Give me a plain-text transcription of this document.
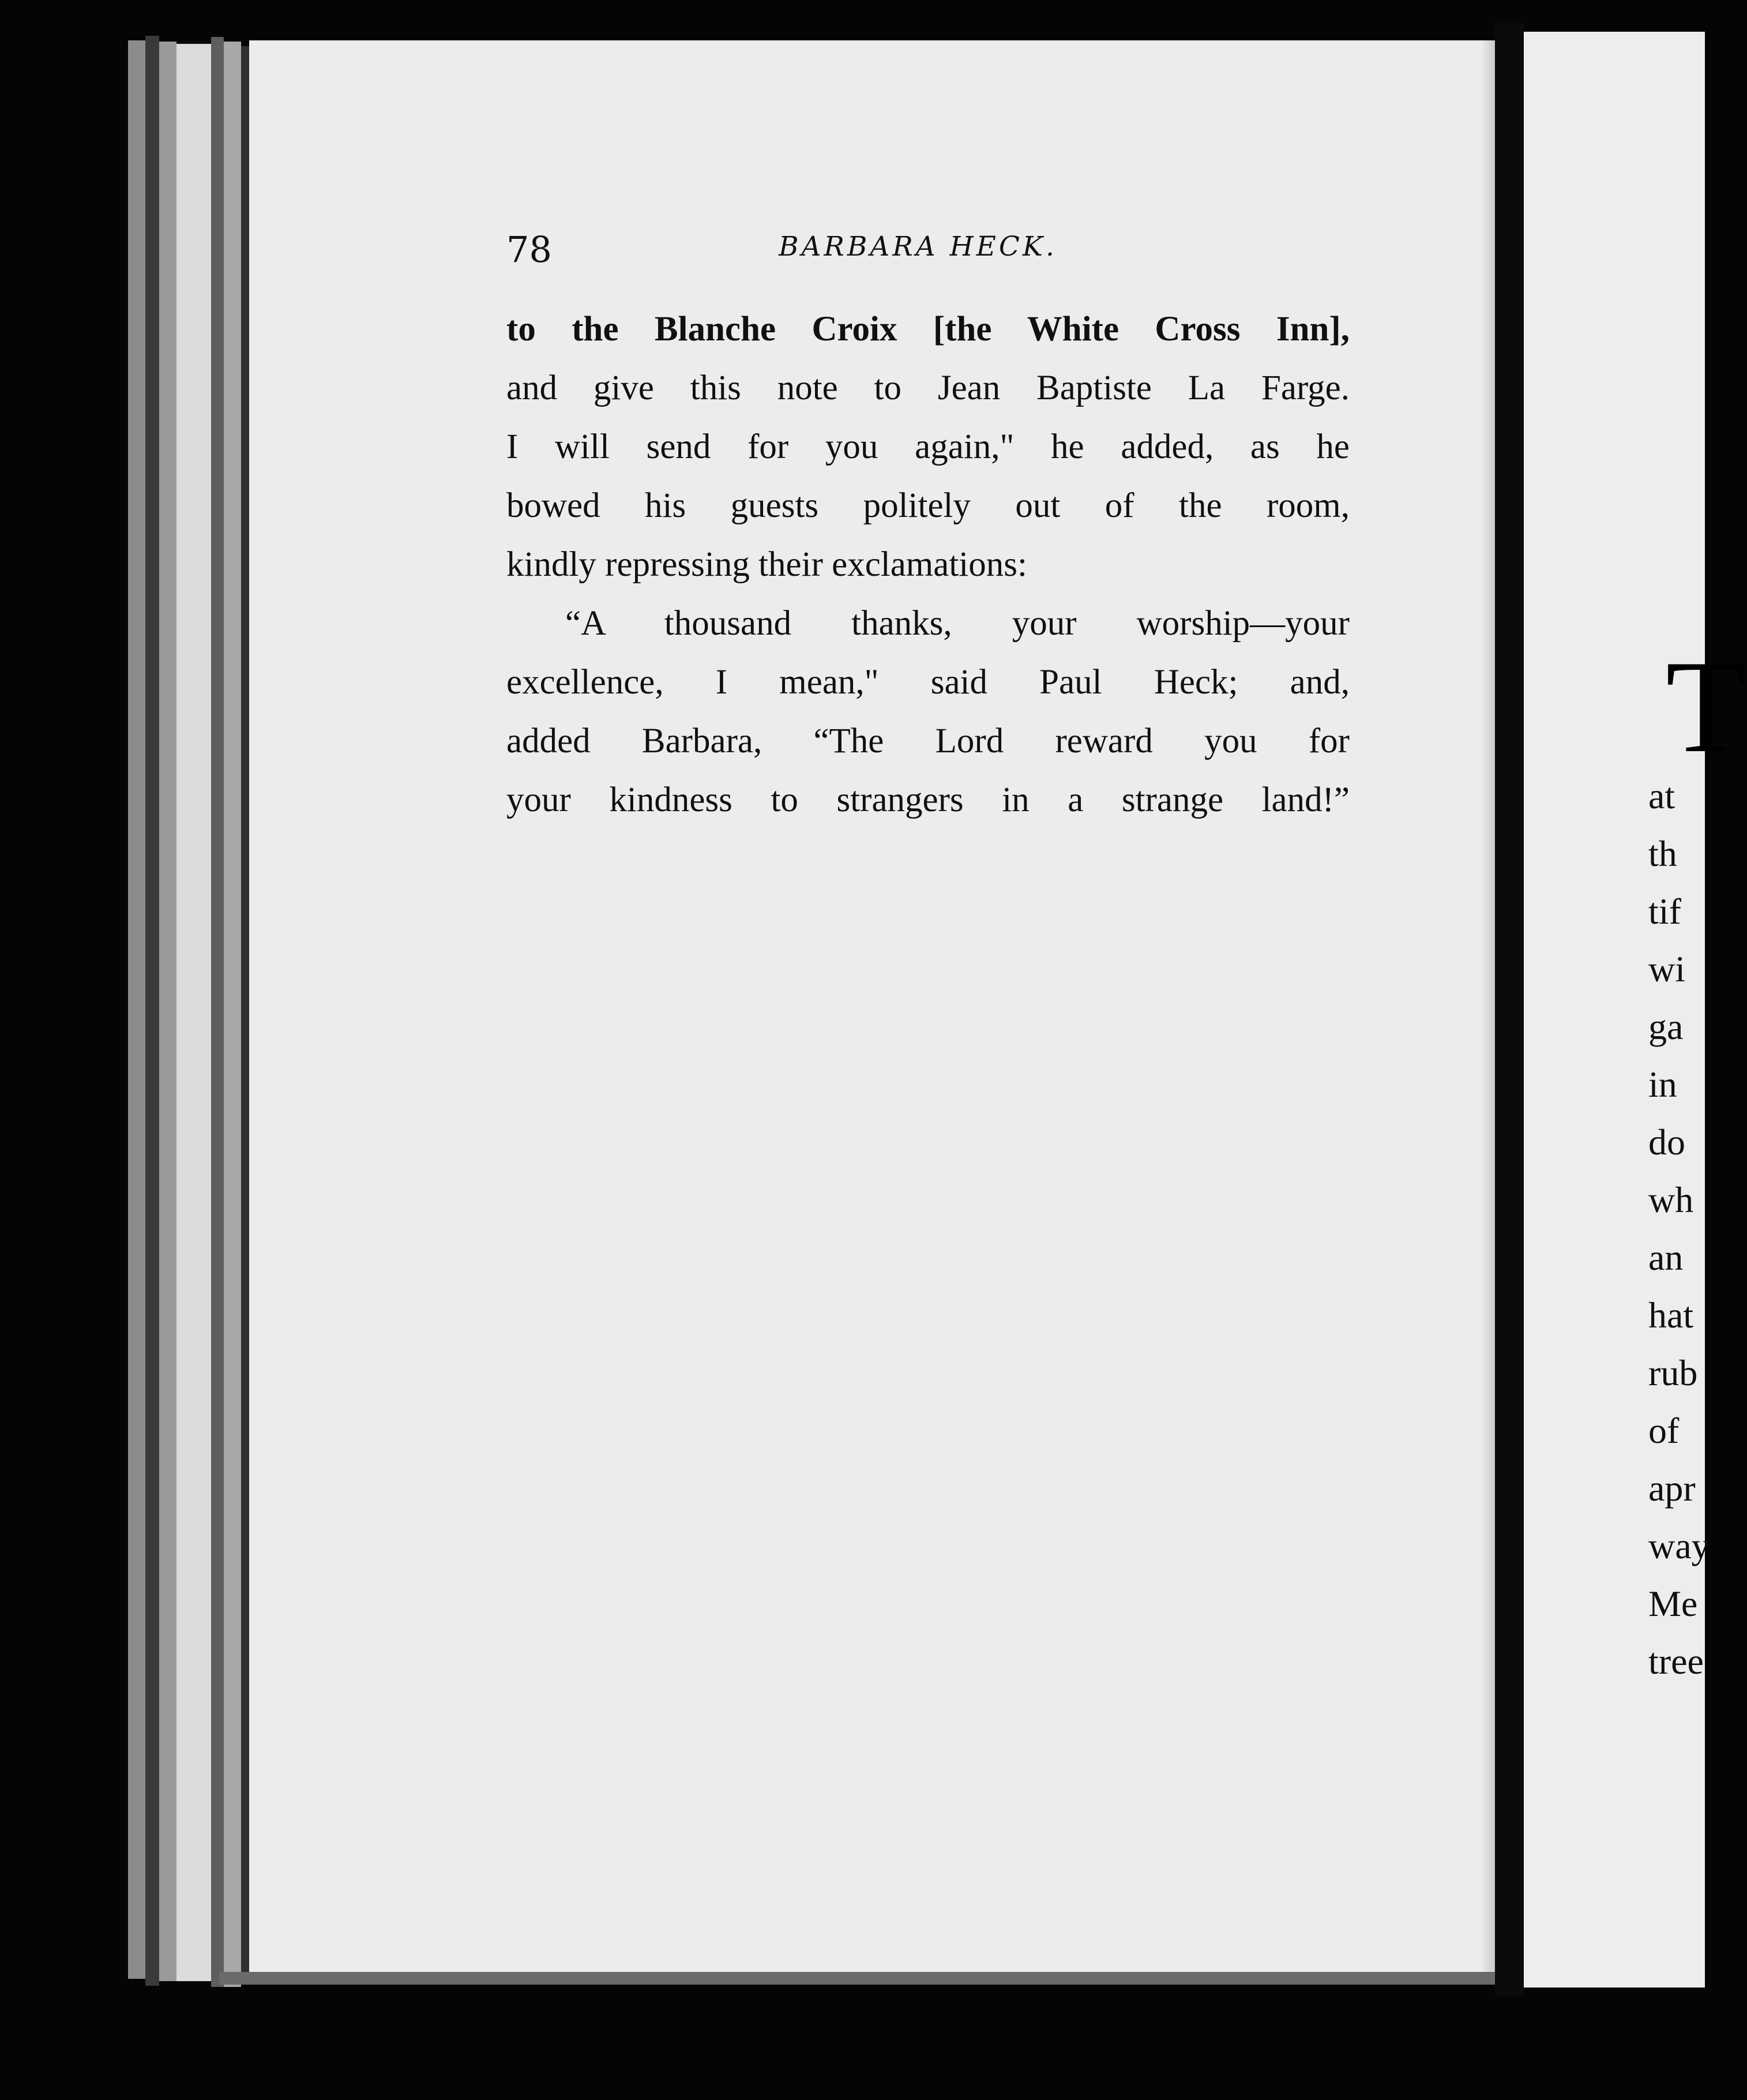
78	BARBARA HECK.

to the Blanche Croix [the White Cross Inn],

and give this note to Jean Baptiste La Farge.

I will send for you again," he added, as he

bowed his guests politely out of the room,

kindly repressing their exclamations:

“A thousand thanks, your worship—your

excellence, I mean," said Paul Heck; and,

added Barbara, “The Lord reward you for

your kindness to strangers in a strange land!”

T
at
th
tif
wi
ga
in
do
wh
an
hat
rub
of
apr
way
Me
tree
